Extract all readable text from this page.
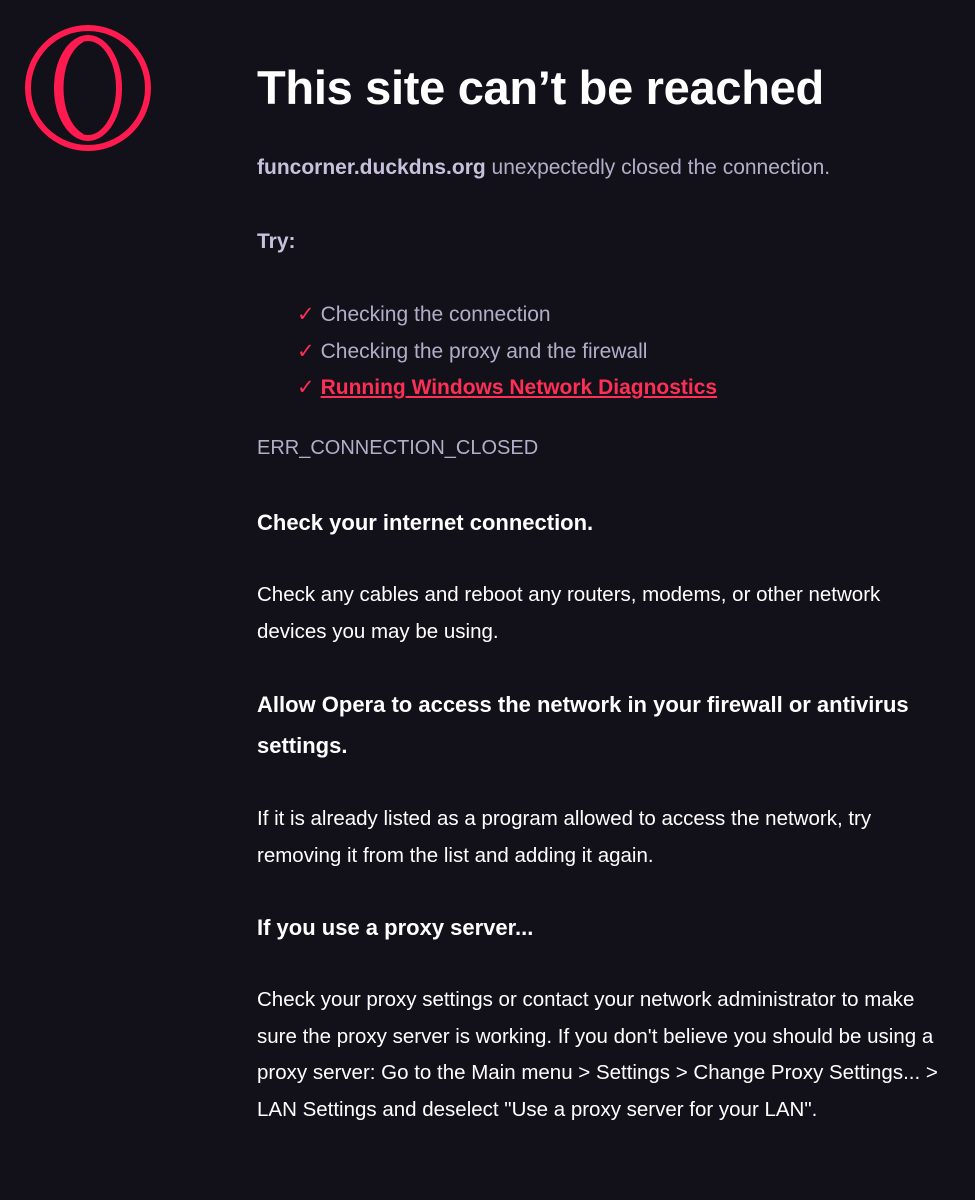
This site can’t be reached
funcorner.duckdns.org unexpectedly closed the connection.
Try:
✓ Checking the connection
✓ Checking the proxy and the firewall
✓ Running Windows Network Diagnostics
ERR_CONNECTION_CLOSED
Check your internet connection.

Check any cables and reboot any routers, modems, or other network devices you may be using.

Allow Opera to access the network in your firewall or antivirus settings.

If it is already listed as a program allowed to access the network, try removing it from the list and adding it again.

If you use a proxy server...

Check your proxy settings or contact your network administrator to make sure the proxy server is working. If you don't believe you should be using a proxy server: Go to the Main menu > Settings > Change Proxy Settings... > LAN Settings and deselect "Use a proxy server for your LAN".
